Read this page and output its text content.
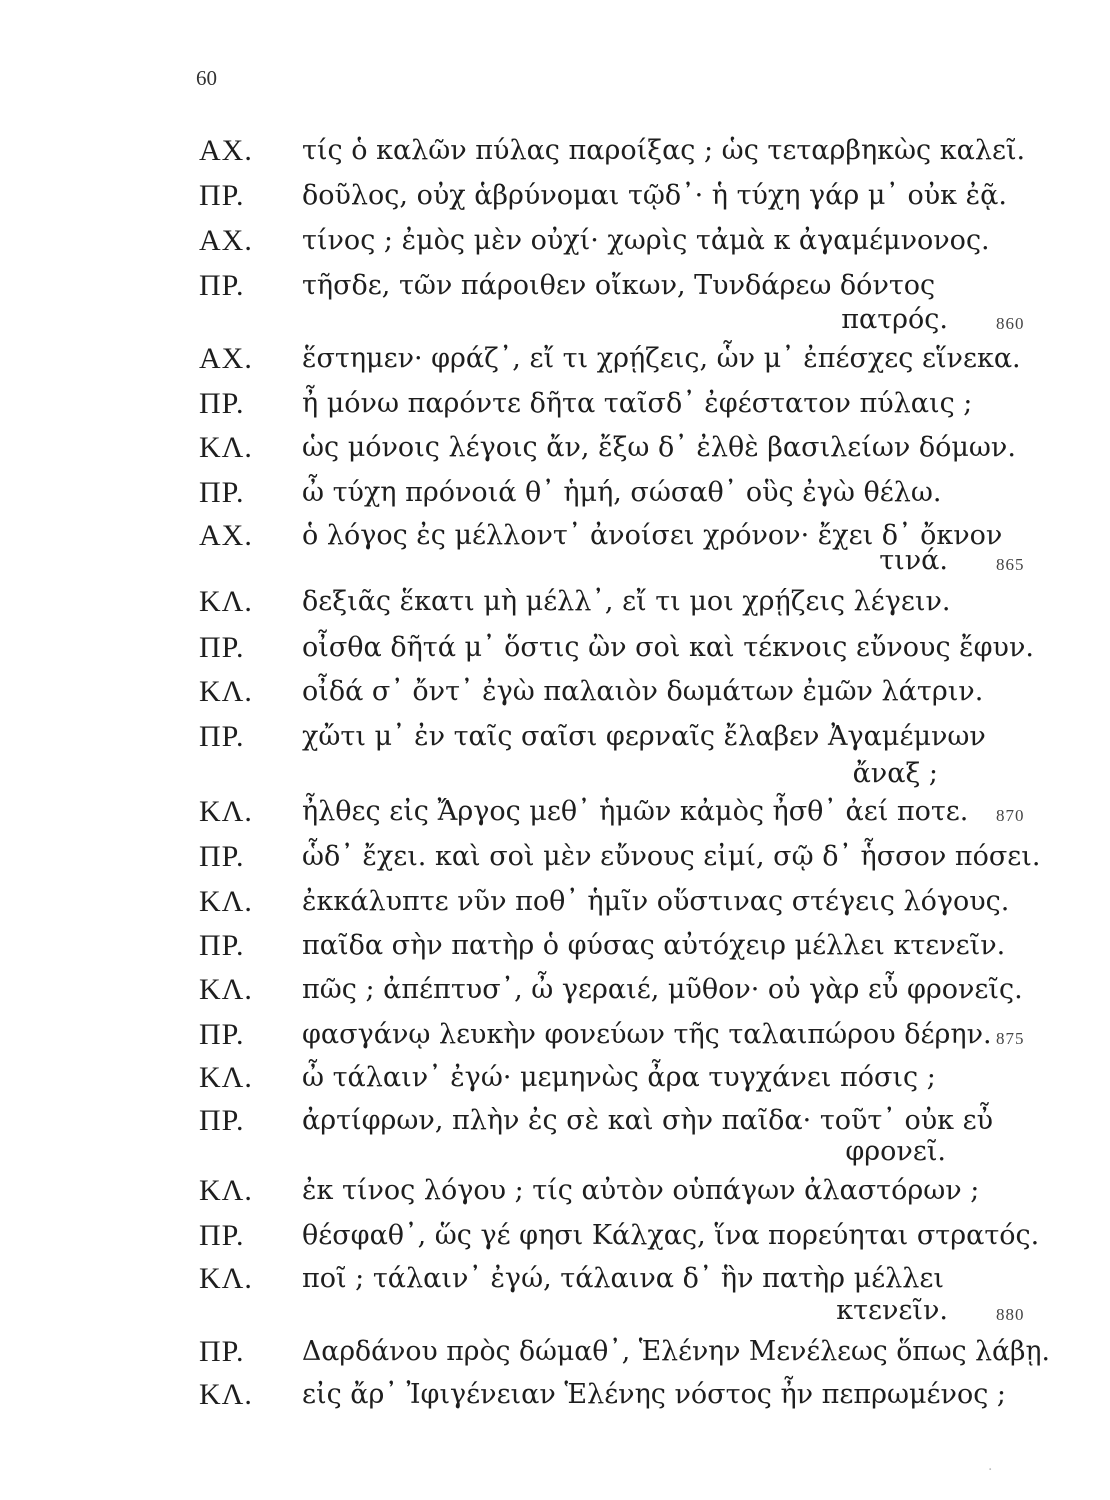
60
ΑΧ. τίς ὁ καλῶν πύλας παροίξας ; ὡς τεταρβηκὼς καλεῖ.
ΠΡ. δοῦλος, οὐχ ἁβρύνομαι τῷδ᾽· ἡ τύχη γάρ μ᾽ οὐκ ἐᾷ.
ΑΧ. τίνος ; ἐμὸς μὲν οὐχί· χωρὶς τἀμὰ κ ἀγαμέμνονος.
ΠΡ. τῆσδε, τῶν πάροιθεν οἴκων, Τυνδάρεω δόντος
πατρός.	860
ΑΧ. ἕστημεν· φράζ᾽, εἴ τι χρῄζεις, ὧν μ᾽ ἐπέσχες εἵνεκα.
ΠΡ. ἦ μόνω παρόντε δῆτα ταῖσδ᾽ ἐφέστατον πύλαις ;
ΚΛ. ὡς μόνοις λέγοις ἄν, ἔξω δ᾽ ἐλθὲ βασιλείων δόμων.
ΠΡ. ὦ τύχη πρόνοιά θ᾽ ἡμή, σώσαθ᾽ οὓς ἐγὼ θέλω.
ΑΧ. ὁ λόγος ἐς μέλλοντ᾽ ἀνοίσει χρόνον· ἔχει δ᾽ ὄκνον
τινά.	865
ΚΛ. δεξιᾶς ἕκατι μὴ μέλλ᾽, εἴ τι μοι χρῄζεις λέγειν.
ΠΡ. οἶσθα δῆτά μ᾽ ὅστις ὢν σοὶ καὶ τέκνοις εὔνους ἔφυν.
ΚΛ. οἶδά σ᾽ ὄντ᾽ ἐγὼ παλαιὸν δωμάτων ἐμῶν λάτριν.
ΠΡ. χὤτι μ᾽ ἐν ταῖς σαῖσι φερναῖς ἔλαβεν Ἀγαμέμνων
ἄναξ ;
ΚΛ. ἦλθες εἰς Ἄργος μεθ᾽ ἡμῶν κἀμὸς ἦσθ᾽ ἀεί ποτε. 870
ΠΡ. ὧδ᾽ ἔχει. καὶ σοὶ μὲν εὔνους εἰμί, σῷ δ᾽ ἧσσον πόσει.
ΚΛ. ἐκκάλυπτε νῦν ποθ᾽ ἡμῖν οὕστινας στέγεις λόγους.
ΠΡ. παῖδα σὴν πατὴρ ὁ φύσας αὐτόχειρ μέλλει κτενεῖν.
ΚΛ. πῶς ; ἀπέπτυσ᾽, ὦ γεραιέ, μῦθον· οὐ γὰρ εὖ φρονεῖς.
ΠΡ. φασγάνῳ λευκὴν φονεύων τῆς ταλαιπώρου δέρην. 875
ΚΛ. ὦ τάλαιν᾽ ἐγώ· μεμηνὼς ἆρα τυγχάνει πόσις ;
ΠΡ. ἀρτίφρων, πλὴν ἐς σὲ καὶ σὴν παῖδα· τοῦτ᾽ οὐκ εὖ
φρονεῖ.
ΚΛ. ἐκ τίνος λόγου ; τίς αὐτὸν οὑπάγων ἀλαστόρων ;
ΠΡ. θέσφαθ᾽, ὥς γέ φησι Κάλχας, ἵνα πορεύηται στρατός.
ΚΛ. ποῖ ; τάλαιν᾽ ἐγώ, τάλαινα δ᾽ ἣν πατὴρ μέλλει
κτενεῖν.	880
ΠΡ. Δαρδάνου πρὸς δώμαθ᾽, Ἑλένην Μενέλεως ὅπως λάβῃ.
ΚΛ. εἰς ἄρ᾽ Ἰφιγένειαν Ἑλένης νόστος ἦν πεπρωμένος ;
·
